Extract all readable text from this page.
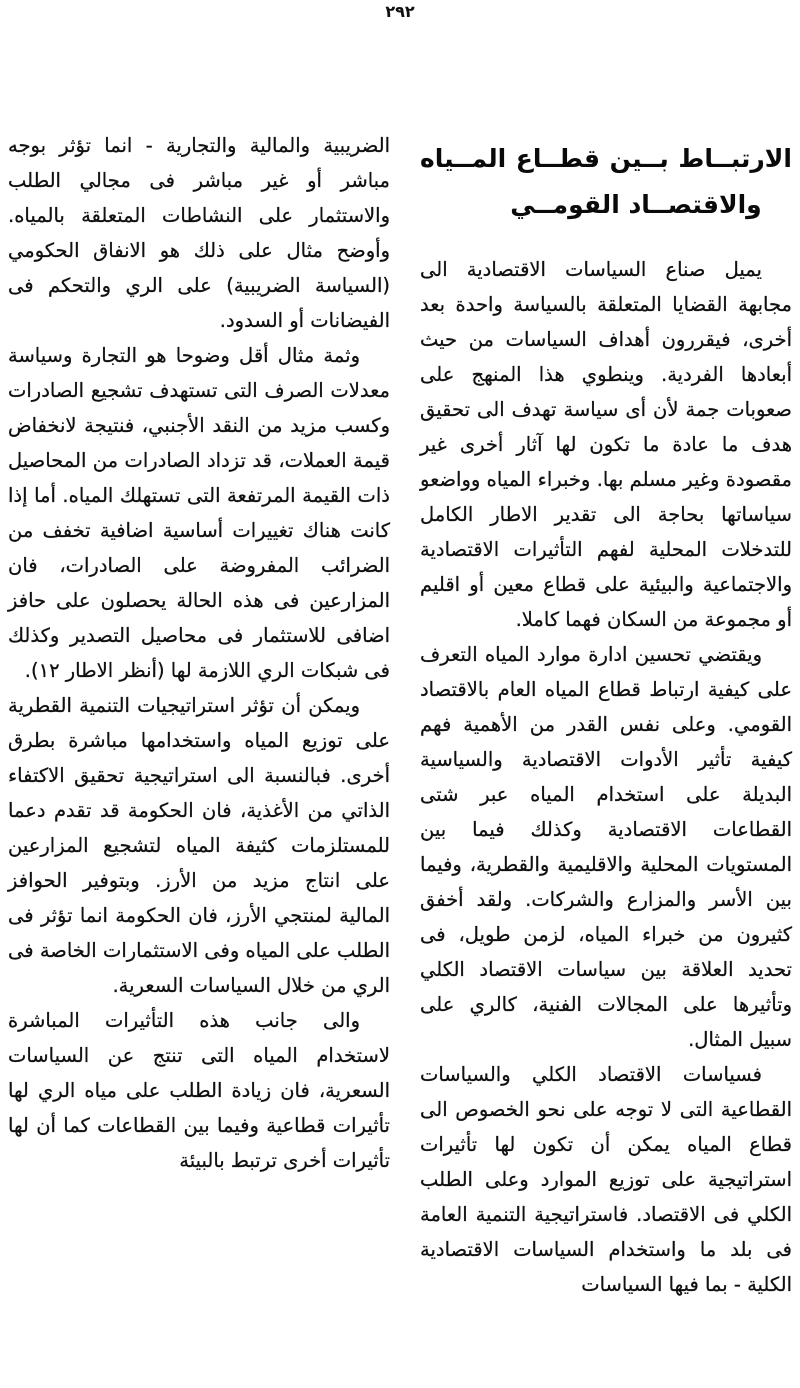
٢٩٢
الارتبــاط بــين قطــاع المــياه
والاقتصــاد القومــي

يميل صناع السياسات الاقتصادية الى مجابهة القضايا المتعلقة بالسياسة واحدة بعد أخرى، فيقررون أهداف السياسات من حيث أبعادها الفردية. وينطوي هذا المنهج على صعوبات جمة لأن أى سياسة تهدف الى تحقيق هدف ما عادة ما تكون لها آثار أخرى غير مقصودة وغير مسلم بها. وخبراء المياه وواضعو سياساتها بحاجة الى تقدير الاطار الكامل للتدخلات المحلية لفهم التأثيرات الاقتصادية والاجتماعية والبيئية على قطاع معين أو اقليم أو مجموعة من السكان فهما كاملا.

ويقتضي تحسين ادارة موارد المياه التعرف على كيفية ارتباط قطاع المياه العام بالاقتصاد القومي. وعلى نفس القدر من الأهمية فهم كيفية تأثير الأدوات الاقتصادية والسياسية البديلة على استخدام المياه عبر شتى القطاعات الاقتصادية وكذلك فيما بين المستويات المحلية والاقليمية والقطرية، وفيما بين الأسر والمزارع والشركات. ولقد أخفق كثيرون من خبراء المياه، لزمن طويل، فى تحديد العلاقة بين سياسات الاقتصاد الكلي وتأثيرها على المجالات الفنية، كالري على سبيل المثال.

فسياسات الاقتصاد الكلي والسياسات القطاعية التى لا توجه على نحو الخصوص الى قطاع المياه يمكن أن تكون لها تأثيرات استراتيجية على توزيع الموارد وعلى الطلب الكلي فى الاقتصاد. فاستراتيجية التنمية العامة فى بلد ما واستخدام السياسات الاقتصادية الكلية - بما فيها السياسات

الضريبية والمالية والتجارية - انما تؤثر بوجه مباشر أو غير مباشر فى مجالي الطلب والاستثمار على النشاطات المتعلقة بالمياه. وأوضح مثال على ذلك هو الانفاق الحكومي (السياسة الضريبية) على الري والتحكم فى الفيضانات أو السدود.

وثمة مثال أقل وضوحا هو التجارة وسياسة معدلات الصرف التى تستهدف تشجيع الصادرات وكسب مزيد من النقد الأجنبي، فنتيجة لانخفاض قيمة العملات، قد تزداد الصادرات من المحاصيل ذات القيمة المرتفعة التى تستهلك المياه. أما إذا كانت هناك تغييرات أساسية اضافية تخفف من الضرائب المفروضة على الصادرات، فان المزارعين فى هذه الحالة يحصلون على حافز اضافى للاستثمار فى محاصيل التصدير وكذلك فى شبكات الري اللازمة لها (أنظر الاطار ١٢).

ويمكن أن تؤثر استراتيجيات التنمية القطرية على توزيع المياه واستخدامها مباشرة بطرق أخرى. فبالنسبة الى استراتيجية تحقيق الاكتفاء الذاتي من الأغذية، فان الحكومة قد تقدم دعما للمستلزمات كثيفة المياه لتشجيع المزارعين على انتاج مزيد من الأرز. وبتوفير الحوافز المالية لمنتجي الأرز، فان الحكومة انما تؤثر فى الطلب على المياه وفى الاستثمارات الخاصة فى الري من خلال السياسات السعرية.

والى جانب هذه التأثيرات المباشرة لاستخدام المياه التى تنتج عن السياسات السعرية، فان زيادة الطلب على مياه الري لها تأثيرات قطاعية وفيما بين القطاعات كما أن لها تأثيرات أخرى ترتبط بالبيئة
